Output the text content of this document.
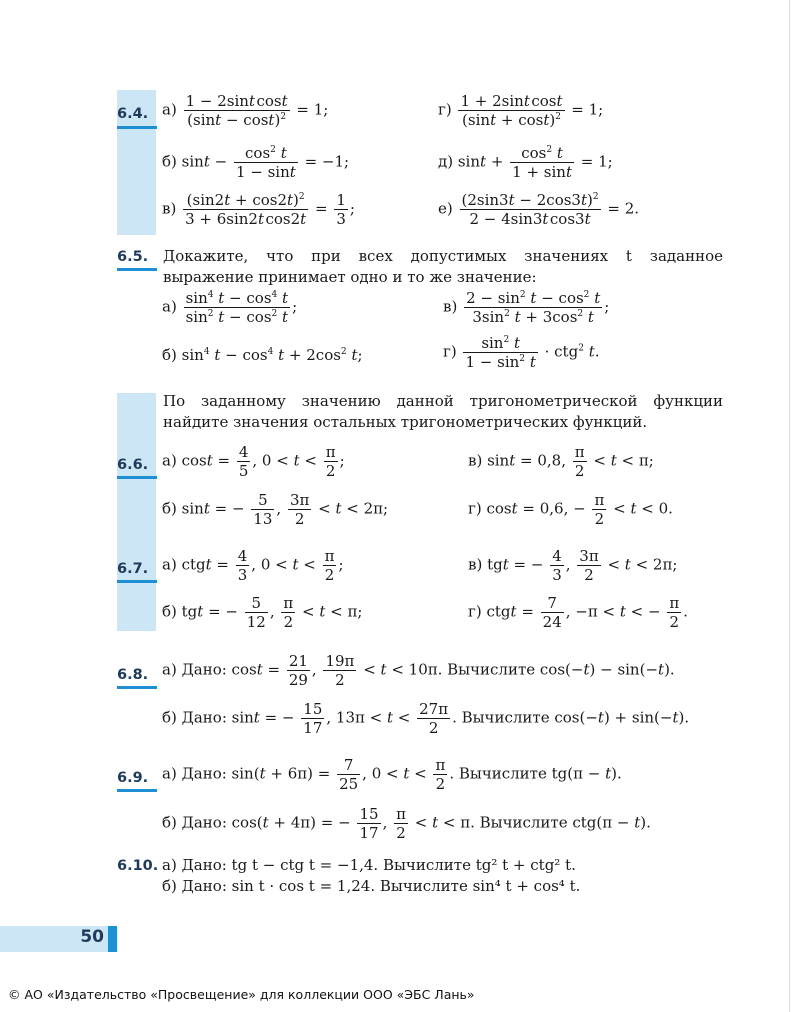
6.4. $а) \frac{\text{1 − 2sint cost}}{(\sin t - \cos t)^2} = 1$;	$г) \frac{\text{1 + 2sint cost}}{(\sin t + \cos t)^2} = 1$;
б) $\sin t - \frac{\cos^2 t}{1 - \sin t} = -1$;	д) $\sin t + \frac{\cos^2 t}{1 + \sin t} = 1$;
$в) \frac{(\sin 2t + \cos 2t)^2}{\text{3 + 6sin2t cos2t}} = \frac{1}{3}$ ;	$е) \frac{(2\sin 3t - 2\cos 3t)^2}{\text{2 − 4sin3t cos3t}} = 2$.
6.5. Докажите, что при всех допустимых значениях t заданное выражение принимает одно и то же значение:
$а) \frac{\sin^4 t - \cos^4 t}{\sin^2 t - \cos^2 t}$ ;	$в) \frac{2 - \sin^2 t - \cos^2 t}{3\sin^2 t + 3\cos^2 t}$ ;
б) $\sin^4 t - \cos^4 t + 2\cos^2$ t;	$г) \frac{\sin^2 t}{1 - \sin^2 t} \cdot ctg^2$ t.
По заданному значению данной тригонометрической функции найдите значения остальных тригонометрических функций.
6.6. а) $\cos t = \frac{4}{5}$ , $0 < t < \frac{\pi}{2}$ ;	в) sint = 0,8, $\frac{\pi}{2} < t < \pi$;
б) sint = − $\frac{5}{13}$ , $\frac{3\pi}{2} < t < 2\pi$;	г) cost = 0,6, − $\frac{\pi}{2} < t < 0$.
6.7. а) ctgt = $\frac{4}{3}$ , $0 < t < \frac{\pi}{2}$ ;	в) tgt = − $\frac{4}{3}$ , $\frac{3\pi}{2} < t < 2\pi$;
б) tgt = − $\frac{5}{12}$ , $\frac{\pi}{2} < t < \pi$;	г) ctgt = $\frac{7}{24}$ , −π < t < − $\frac{\pi}{2}$ .
6.8. а) Дано: $\cos t = \frac{21}{29}$ , $\frac{19\pi}{2} < t < 10\pi$. Вычислите cos(−t) − sin(−t).
б) Дано: sint = − $\frac{15}{17}$ , $13\pi < t < \frac{27\pi}{2}$ . Вычислите cos(−t) + sin(−t).
6.9. а) Дано: $\sin(t + 6\pi) = \frac{7}{25}$ , $0 < t < \frac{\pi}{2}$ . Вычислите tg(π − t).
б) Дано: cos(t + 4π) = − $\frac{15}{17}$ , $\frac{\pi}{2} < t < \pi$. Вычислите ctg(π − t).
6.10. а) Дано: tg t − ctg t = −1,4. Вычислите tg² t + ctg² t.
б) Дано: sin t · cos t = 1,24. Вычислите sin⁴ t + cos⁴ t.
50
© АО «Издательство «Просвещение» для коллекции ООО «ЭБС Лань»
